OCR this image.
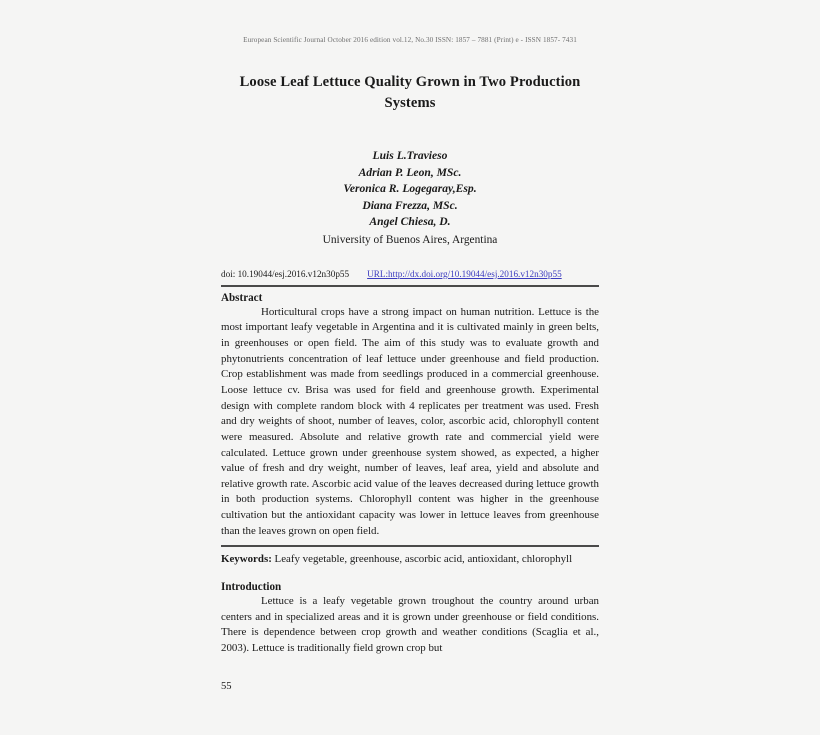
European Scientific Journal October 2016 edition vol.12, No.30 ISSN: 1857 – 7881 (Print) e - ISSN 1857- 7431
Loose Leaf Lettuce Quality Grown in Two Production Systems
Luis L.Travieso
Adrian P. Leon, MSc.
Veronica R. Logegaray,Esp.
Diana Frezza, MSc.
Angel Chiesa, D.
University of Buenos Aires, Argentina
doi: 10.19044/esj.2016.v12n30p55 URL:http://dx.doi.org/10.19044/esj.2016.v12n30p55
Abstract

Horticultural crops have a strong impact on human nutrition. Lettuce is the most important leafy vegetable in Argentina and it is cultivated mainly in green belts, in greenhouses or open field. The aim of this study was to evaluate growth and phytonutrients concentration of leaf lettuce under greenhouse and field production. Crop establishment was made from seedlings produced in a commercial greenhouse. Loose lettuce cv. Brisa was used for field and greenhouse growth. Experimental design with complete random block with 4 replicates per treatment was used. Fresh and dry weights of shoot, number of leaves, color, ascorbic acid, chlorophyll content were measured. Absolute and relative growth rate and commercial yield were calculated. Lettuce grown under greenhouse system showed, as expected, a higher value of fresh and dry weight, number of leaves, leaf area, yield and absolute and relative growth rate. Ascorbic acid value of the leaves decreased during lettuce growth in both production systems. Chlorophyll content was higher in the greenhouse cultivation but the antioxidant capacity was lower in lettuce leaves from greenhouse than the leaves grown on open field.

Keywords: Leafy vegetable, greenhouse, ascorbic acid, antioxidant, chlorophyll

Introduction

Lettuce is a leafy vegetable grown troughout the country around urban centers and in specialized areas and it is grown under greenhouse or field conditions. There is dependence between crop growth and weather conditions (Scaglia et al., 2003). Lettuce is traditionally field grown crop but

55
